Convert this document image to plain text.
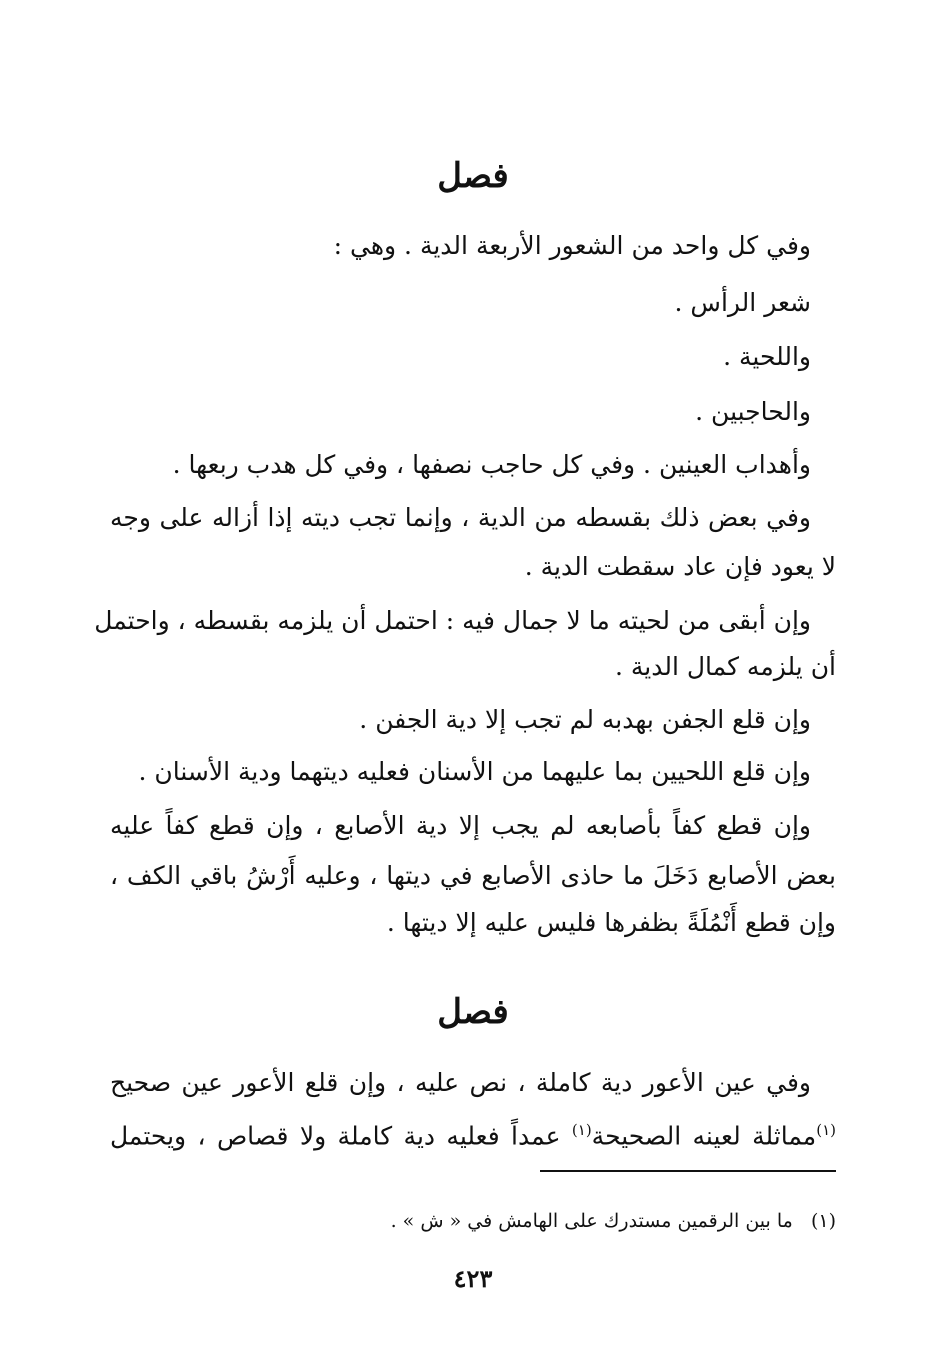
فصل
وفي كل واحد من الشعور الأربعة الدية . وهي :
شعر الرأس .
واللحية .
والحاجبين .
وأهداب العينين . وفي كل حاجب نصفها ، وفي كل هدب ربعها .
وفي بعض ذلك بقسطه من الدية ، وإنما تجب ديته إذا أزاله على وجه
لا يعود فإن عاد سقطت الدية .
وإن أبقى من لحيته ما لا جمال فيه : احتمل أن يلزمه بقسطه ، واحتمل
أن يلزمه كمال الدية .
وإن قلع الجفن بهدبه لم تجب إلا دية الجفن .
وإن قلع اللحيين بما عليهما من الأسنان فعليه ديتهما ودية الأسنان .
وإن قطع كفاً بأصابعه لم يجب إلا دية الأصابع ، وإن قطع كفاً عليه
بعض الأصابع دَخَلَ ما حاذى الأصابع في ديتها ، وعليه أَرْشُ باقي الكف ،
وإن قطع أَنْمُلَةً بظفرها فليس عليه إلا ديتها .
فصل
وفي عين الأعور دية كاملة ، نص عليه ، وإن قلع الأعور عين صحيح
$^{(١)}$مماثلة لعينه الصحيحة$^{(١)}$ عمداً فعليه دية كاملة ولا قصاص ، ويحتمل
(١)   ما بين الرقمين مستدرك على الهامش في « ش » .
٤٢٣
